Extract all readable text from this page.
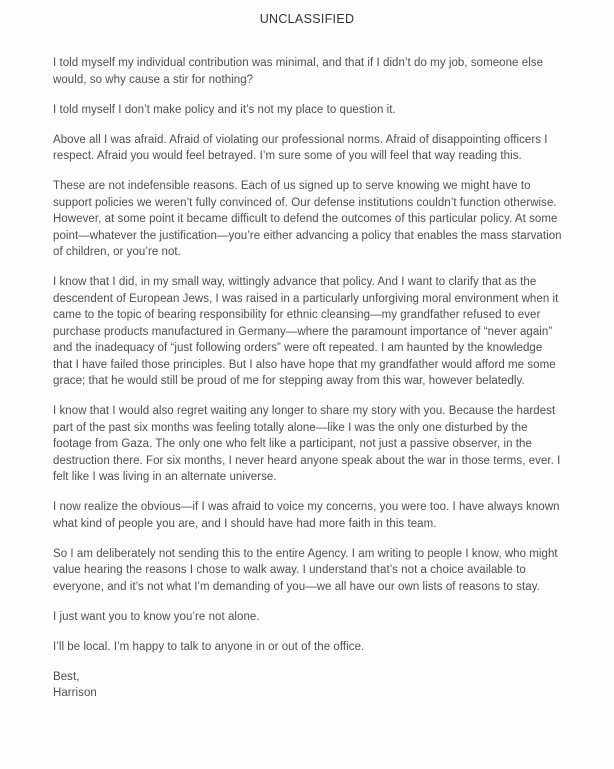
UNCLASSIFIED

I told myself my individual contribution was minimal, and that if I didn’t do my job, someone else would, so why cause a stir for nothing?

I told myself I don’t make policy and it’s not my place to question it.

Above all I was afraid. Afraid of violating our professional norms. Afraid of disappointing officers I respect. Afraid you would feel betrayed. I’m sure some of you will feel that way reading this.

These are not indefensible reasons. Each of us signed up to serve knowing we might have to support policies we weren’t fully convinced of. Our defense institutions couldn’t function otherwise. However, at some point it became difficult to defend the outcomes of this particular policy. At some point—whatever the justification—you’re either advancing a policy that enables the mass starvation of children, or you’re not.

I know that I did, in my small way, wittingly advance that policy. And I want to clarify that as the descendent of European Jews, I was raised in a particularly unforgiving moral environment when it came to the topic of bearing responsibility for ethnic cleansing—my grandfather refused to ever purchase products manufactured in Germany—where the paramount importance of “never again” and the inadequacy of “just following orders” were oft repeated. I am haunted by the knowledge that I have failed those principles. But I also have hope that my grandfather would afford me some grace; that he would still be proud of me for stepping away from this war, however belatedly.

I know that I would also regret waiting any longer to share my story with you. Because the hardest part of the past six months was feeling totally alone—like I was the only one disturbed by the footage from Gaza. The only one who felt like a participant, not just a passive observer, in the destruction there. For six months, I never heard anyone speak about the war in those terms, ever. I felt like I was living in an alternate universe.

I now realize the obvious—if I was afraid to voice my concerns, you were too. I have always known what kind of people you are, and I should have had more faith in this team.

So I am deliberately not sending this to the entire Agency. I am writing to people I know, who might value hearing the reasons I chose to walk away. I understand that’s not a choice available to everyone, and it’s not what I’m demanding of you—we all have our own lists of reasons to stay.

I just want you to know you’re not alone.

I’ll be local. I’m happy to talk to anyone in or out of the office.

Best,
Harrison
